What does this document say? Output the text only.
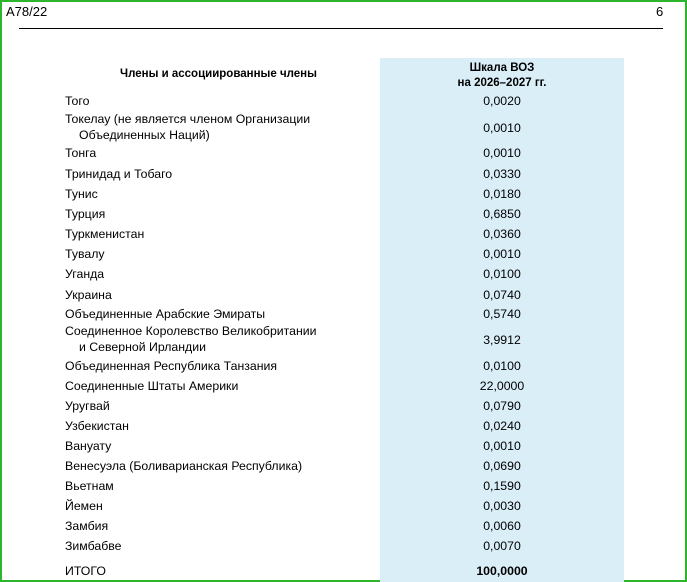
A78/22	6
Члены и ассоциированные члены	Шкала ВОЗ
на 2026–2027 гг.
Того	0,0020
Токелау (не является членом Организации
Объединенных Наций)	0,0010
Тонга	0,0010
Тринидад и Тобаго	0,0330
Тунис	0,0180
Турция	0,6850
Туркменистан	0,0360
Тувалу	0,0010
Уганда	0,0100
Украина	0,0740
Объединенные Арабские Эмираты	0,5740
Соединенное Королевство Великобритании
и Северной Ирландии	3,9912
Объединенная Республика Танзания	0,0100
Соединенные Штаты Америки	22,0000
Уругвай	0,0790
Узбекистан	0,0240
Вануату	0,0010
Венесуэла (Боливарианская Республика)	0,0690
Вьетнам	0,1590
Йемен	0,0030
Замбия	0,0060
Зимбабве	0,0070
ИТОГО	100,0000
